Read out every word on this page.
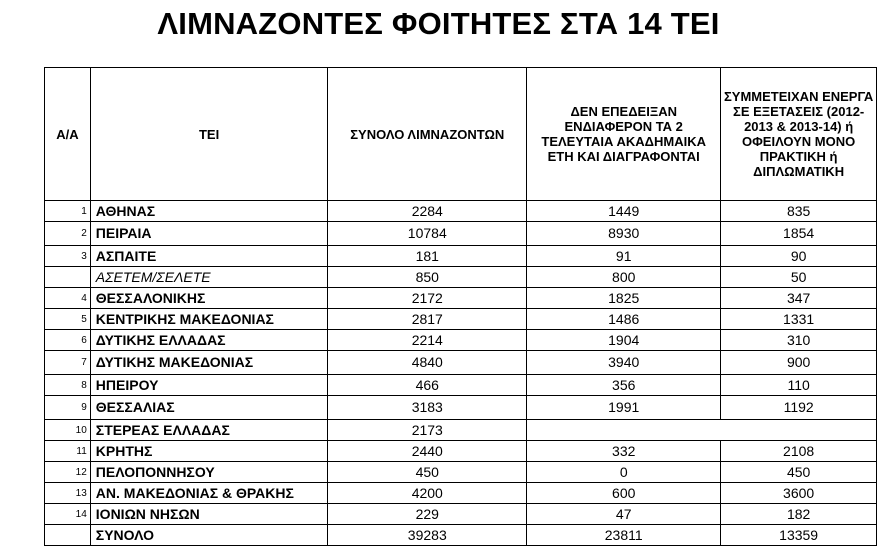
ΛΙΜΝΑΖΟΝΤΕΣ ΦΟΙΤΗΤΕΣ ΣΤΑ 14 ΤΕΙ
Α/Α	ΤΕΙ	ΣΥΝΟΛΟ ΛΙΜΝΑΖΟΝΤΩΝ	ΔΕΝ ΕΠΕΔΕΙΞΑΝ ΕΝΔΙΑΦΕΡΟΝ ΤΑ 2 ΤΕΛΕΥΤΑΙΑ ΑΚΑΔΗΜΑΙΚΑ ΕΤΗ ΚΑΙ ΔΙΑΓΡΑΦΟΝΤΑΙ	ΣΥΜΜΕΤΕΙΧΑΝ ΕΝΕΡΓΑ ΣΕ ΕΞΕΤΑΣΕΙΣ (2012-2013 & 2013-14) ή ΟΦΕΙΛΟΥΝ ΜΟΝΟ ΠΡΑΚΤΙΚΗ ή ΔΙΠΛΩΜΑΤΙΚΗ
1	ΑΘΗΝΑΣ	2284	1449	835
2	ΠΕΙΡΑΙΑ	10784	8930	1854
3	ΑΣΠΑΙΤΕ	181	91	90
	ΑΣΕΤΕΜ/ΣΕΛΕΤΕ	850	800	50
4	ΘΕΣΣΑΛΟΝΙΚΗΣ	2172	1825	347
5	ΚΕΝΤΡΙΚΗΣ ΜΑΚΕΔΟΝΙΑΣ	2817	1486	1331
6	ΔΥΤΙΚΗΣ ΕΛΛΑΔΑΣ	2214	1904	310
7	ΔΥΤΙΚΗΣ ΜΑΚΕΔΟΝΙΑΣ	4840	3940	900
8	ΗΠΕΙΡΟΥ	466	356	110
9	ΘΕΣΣΑΛΙΑΣ	3183	1991	1192
10	ΣΤΕΡΕΑΣ ΕΛΛΑΔΑΣ	2173		
11	ΚΡΗΤΗΣ	2440	332	2108
12	ΠΕΛΟΠΟΝΝΗΣΟΥ	450	0	450
13	ΑΝ. ΜΑΚΕΔΟΝΙΑΣ & ΘΡΑΚΗΣ	4200	600	3600
14	ΙΟΝΙΩΝ ΝΗΣΩΝ	229	47	182
	ΣΥΝΟΛΟ	39283	23811	13359
